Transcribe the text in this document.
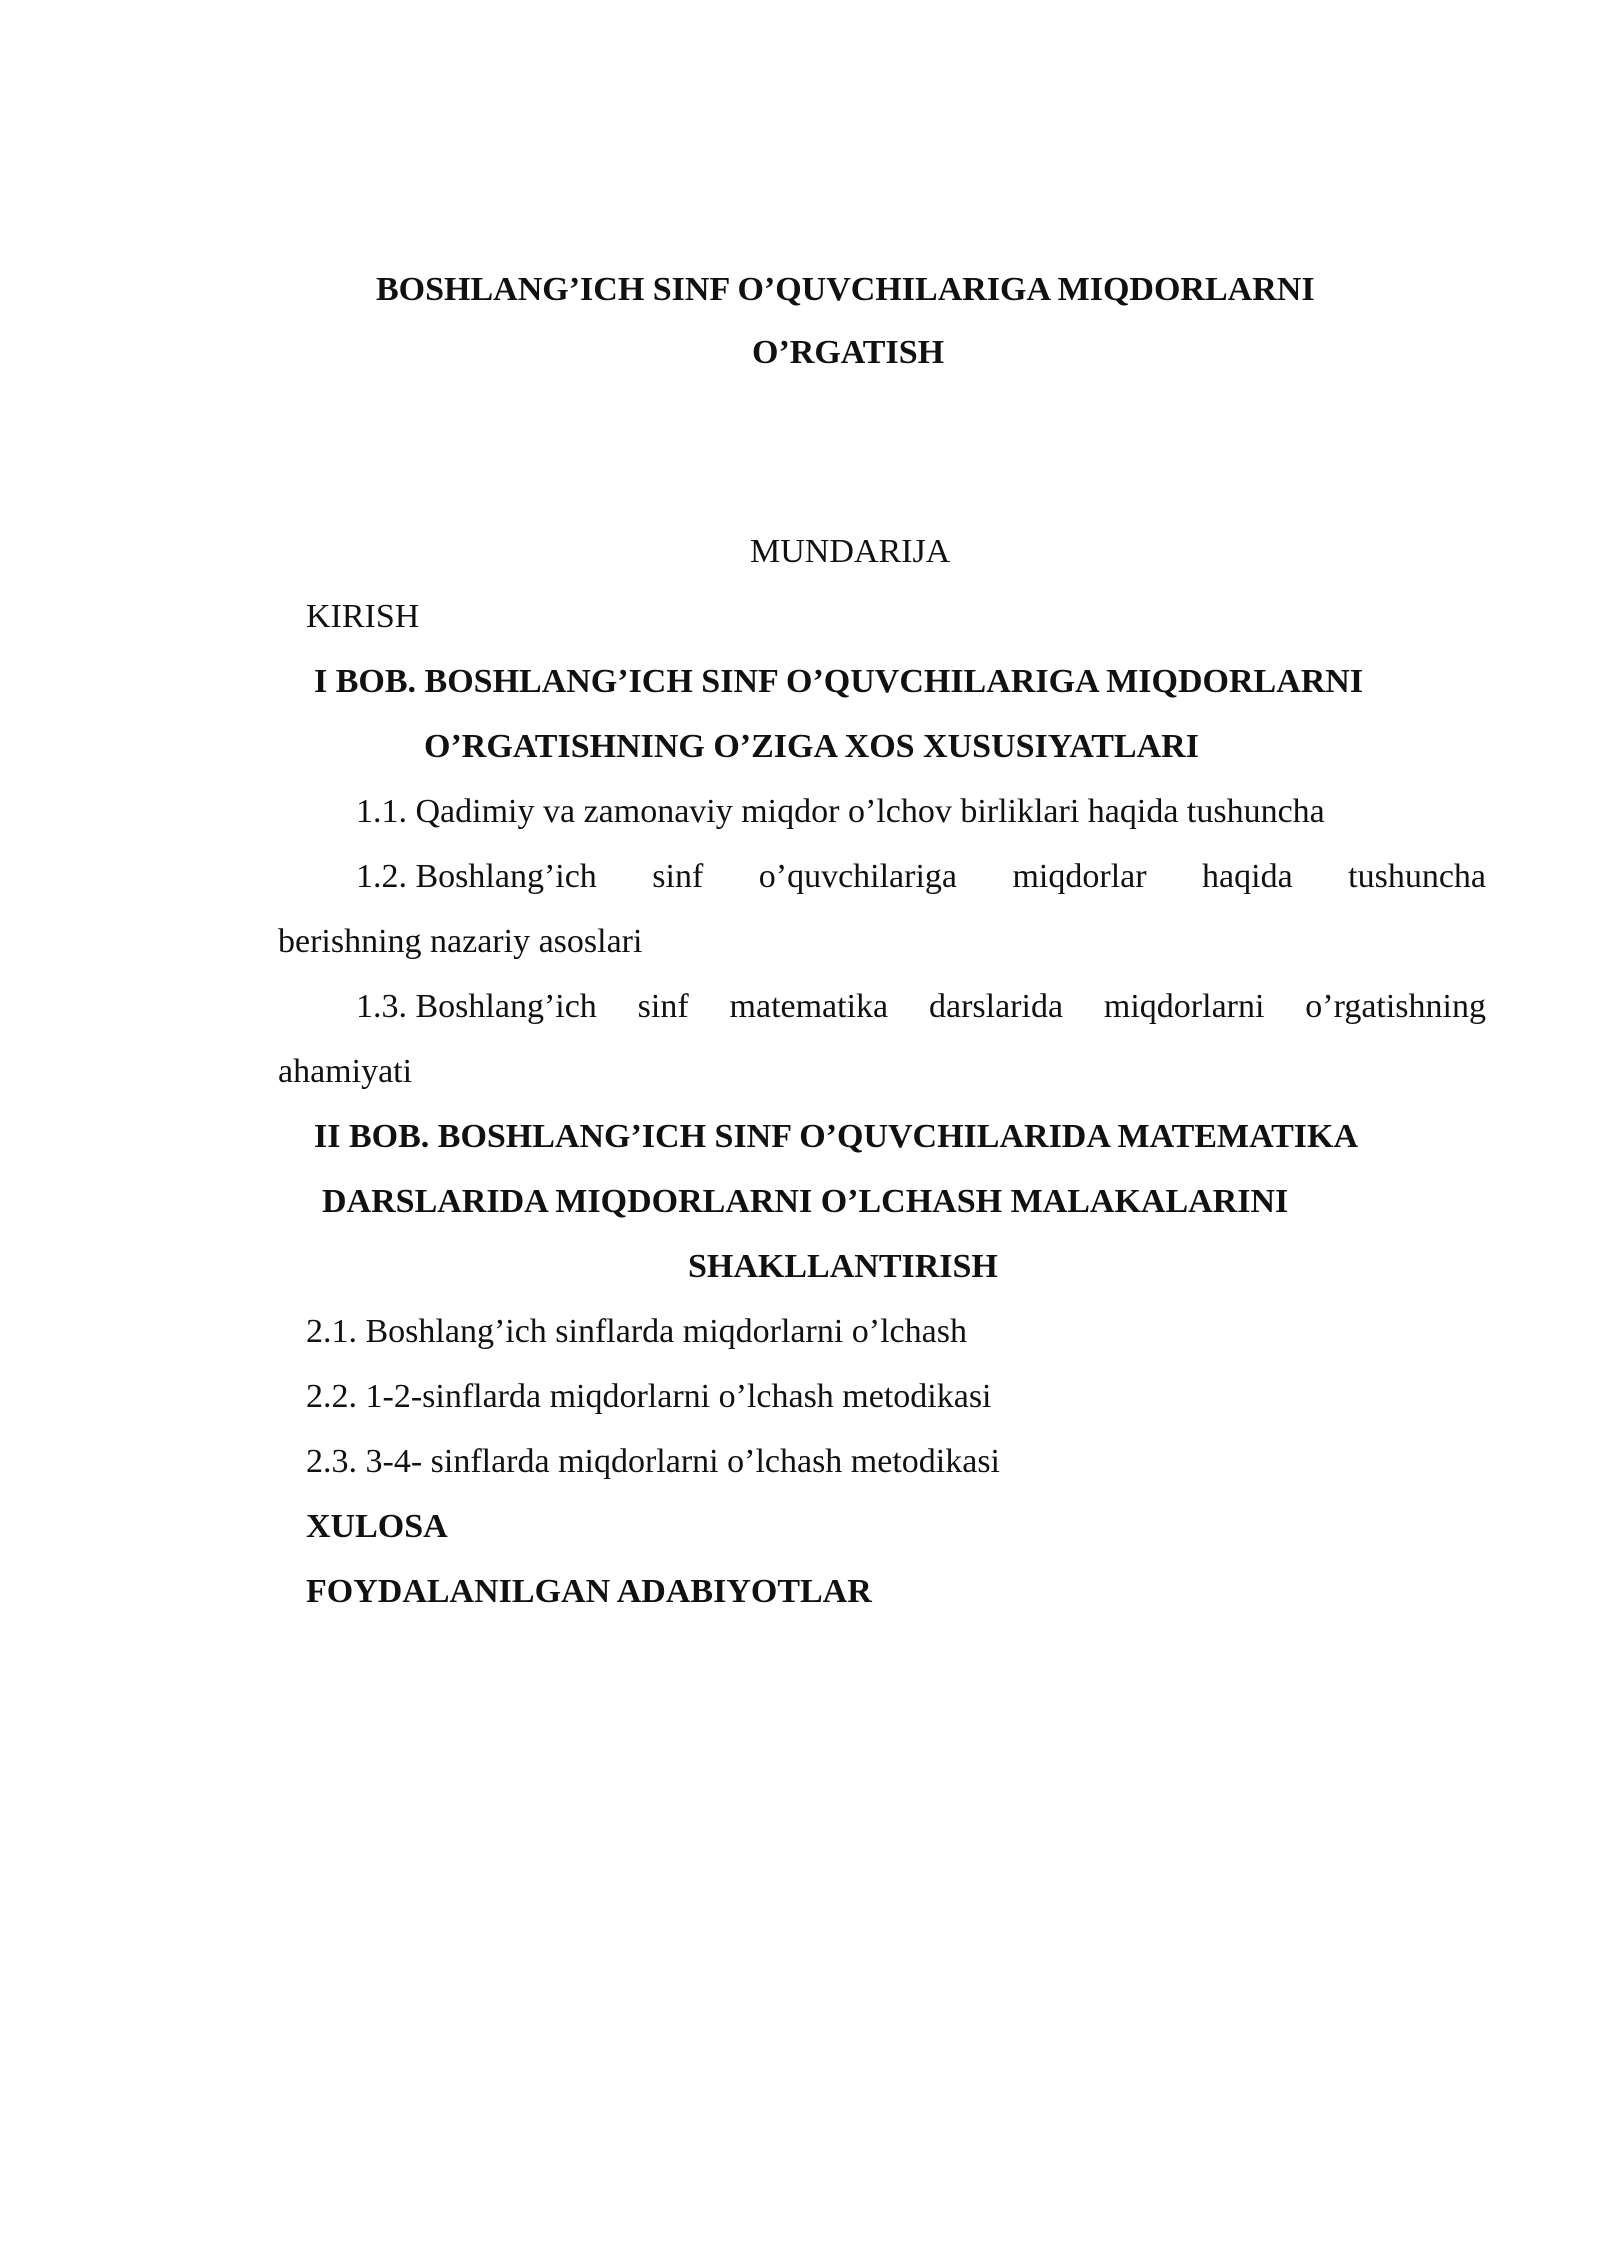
BOSHLANG’ICH SINF O’QUVCHILARIGA MIQDORLARNI
O’RGATISH
MUNDARIJA
KIRISH
I BOB. BOSHLANG’ICH SINF O’QUVCHILARIGA MIQDORLARNI
O’RGATISHNING O’ZIGA XOS XUSUSIYATLARI
1.1. Qadimiy va zamonaviy miqdor o’lchov birliklari haqida tushuncha
1.2. Boshlang’ich sinf o’quvchilariga miqdorlar haqida tushuncha
berishning nazariy asoslari
1.3. Boshlang’ich sinf matematika darslarida miqdorlarni o’rgatishning
ahamiyati
II BOB. BOSHLANG’ICH SINF O’QUVCHILARIDA MATEMATIKA
DARSLARIDA MIQDORLARNI O’LCHASH MALAKALARINI
SHAKLLANTIRISH
2.1. Boshlang’ich sinflarda miqdorlarni o’lchash
2.2. 1-2-sinflarda miqdorlarni o’lchash metodikasi
2.3. 3-4- sinflarda miqdorlarni o’lchash metodikasi
XULOSA
FOYDALANILGAN ADABIYOTLAR
